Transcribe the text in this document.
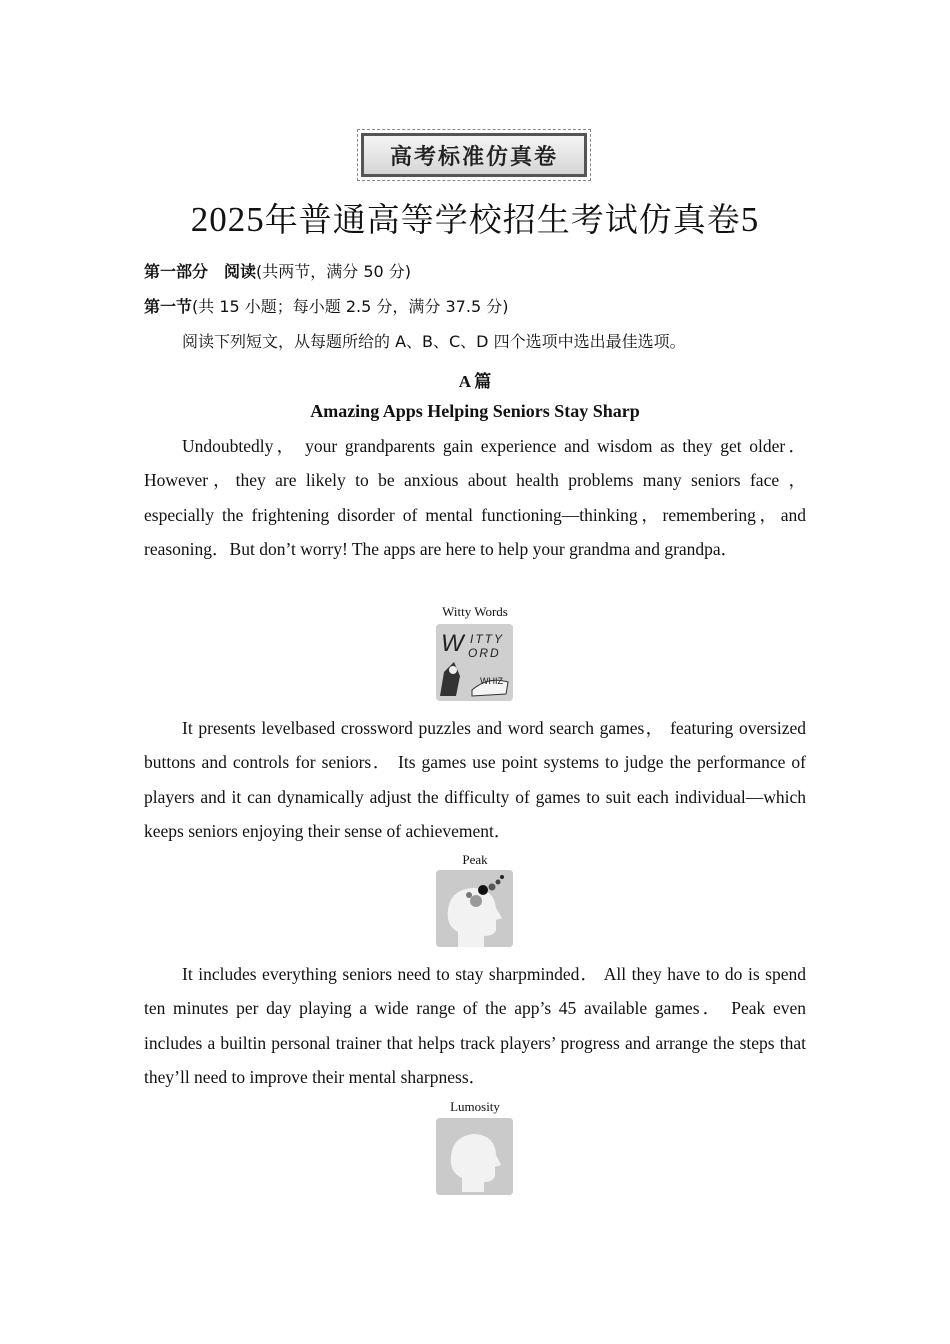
高考标准仿真卷
2025年普通高等学校招生考试仿真卷5
第一部分　阅读(共两节，满分 50 分)
第一节(共 15 小题；每小题 2.5 分，满分 37.5 分)
阅读下列短文，从每题所给的 A、B、C、D 四个选项中选出最佳选项。
A 篇
Amazing Apps Helping Seniors Stay Sharp

Undoubtedly， your grandparents gain experience and wisdom as they get older． However，they are likely to be anxious about health problems many seniors face ， especially the frightening disorder of mental functioning—thinking，remembering，and reasoning．But don’t worry! The apps are here to help your grandma and grandpa．

Witty Words
W ITTY
ORD
WHIZ

It presents levelbased crossword puzzles and word search games， featuring oversized buttons and controls for seniors． Its games use point systems to judge the performance of players and it can dynamically adjust the difficulty of games to suit each individual—which keeps seniors enjoying their sense of achievement．

Peak

It includes everything seniors need to stay sharpminded． All they have to do is spend ten minutes per day playing a wide range of the app’s 45 available games． Peak even includes a builtin personal trainer that helps track players’ progress and arrange the steps that they’ll need to improve their mental sharpness．

Lumosity
